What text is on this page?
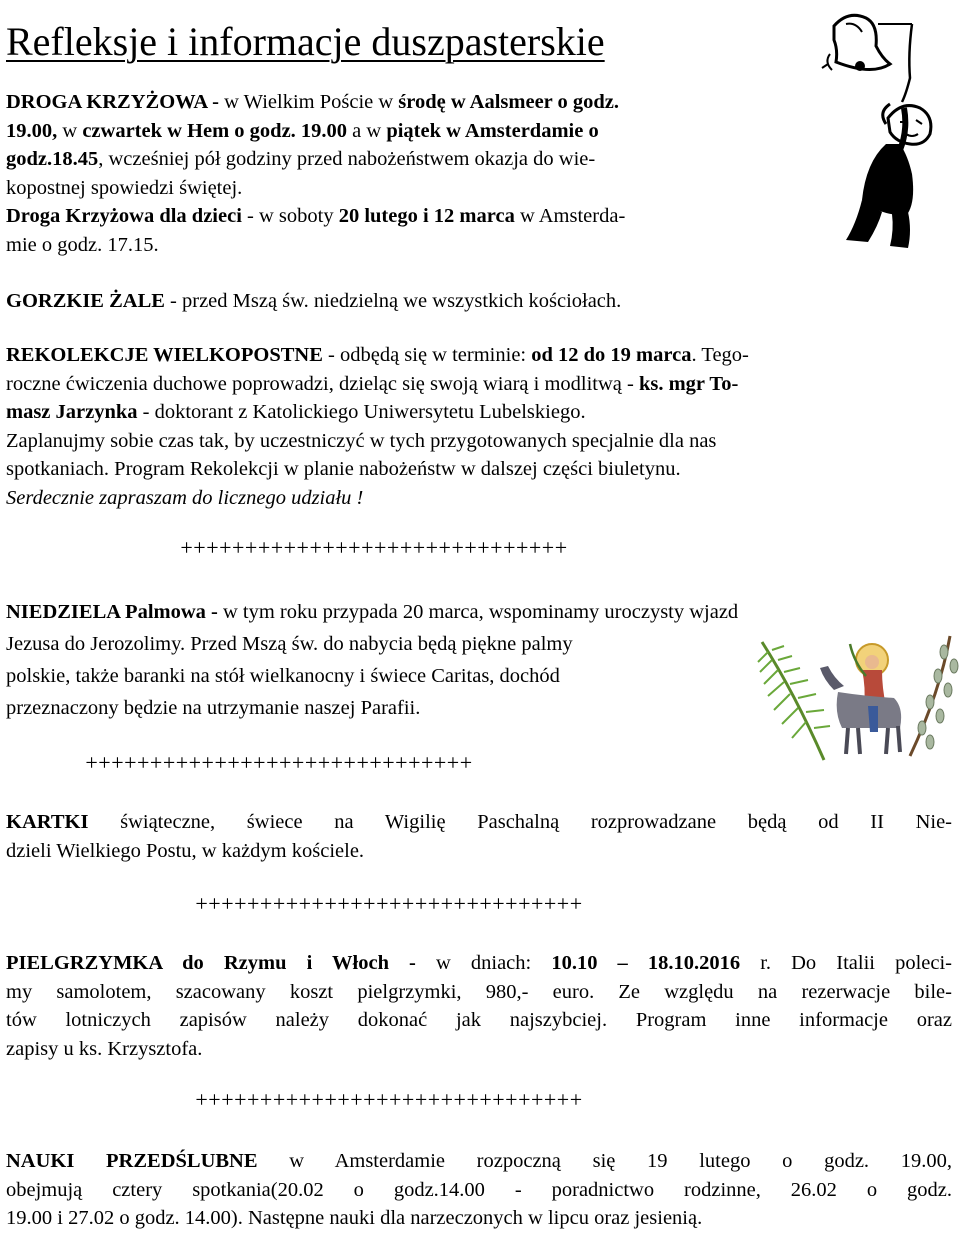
Refleksje i informacje duszpasterskie
DROGA KRZYŻOWA - w Wielkim Poście w środę w Aalsmeer o godz.
19.00, w czwartek w Hem o godz. 19.00 a w piątek w Amsterdamie o
godz.18.45, wcześniej pół godziny przed nabożeństwem okazja do wie-
kopostnej spowiedzi świętej.
Droga Krzyżowa dla dzieci - w soboty 20 lutego i 12 marca w Amsterda-
mie o godz. 17.15.
GORZKIE ŻALE - przed Mszą św. niedzielną we wszystkich kościołach.
REKOLEKCJE WIELKOPOSTNE - odbędą się w terminie: od 12 do 19 marca. Tego-
roczne ćwiczenia duchowe poprowadzi, dzieląc się swoją wiarą i modlitwą - ks. mgr To-
masz Jarzynka - doktorant z Katolickiego Uniwersytetu Lubelskiego.
Zaplanujmy sobie czas tak, by uczestniczyć w tych przygotowanych specjalnie dla nas
spotkaniach. Program Rekolekcji w planie nabożeństw w dalszej części biuletynu.
Serdecznie zapraszam do licznego udziału !
++++++++++++++++++++++++++++++
NIEDZIELA Palmowa - w tym roku przypada 20 marca, wspominamy uroczysty wjazd
Jezusa do Jerozolimy. Przed Mszą św. do nabycia będą piękne palmy
polskie, także baranki na stół wielkanocny i świece Caritas, dochód
przeznaczony będzie na utrzymanie naszej Parafii.
++++++++++++++++++++++++++++++
KARTKI świąteczne, świece na Wigilię Paschalną rozprowadzane będą od II Nie-
dzieli Wielkiego Postu, w każdym kościele.
++++++++++++++++++++++++++++++
PIELGRZYMKA do Rzymu i Włoch - w dniach: 10.10 – 18.10.2016 r. Do Italii poleci-
my samolotem, szacowany koszt pielgrzymki, 980,- euro. Ze względu na rezerwacje bile-
tów lotniczych zapisów należy dokonać jak najszybciej. Program inne informacje oraz
zapisy u ks. Krzysztofa.
++++++++++++++++++++++++++++++
NAUKI PRZEDŚLUBNE w Amsterdamie rozpoczną się 19 lutego o godz. 19.00,
obejmują cztery spotkania(20.02 o godz.14.00 - poradnictwo rodzinne, 26.02 o godz.
19.00 i 27.02 o godz. 14.00). Następne nauki dla narzeczonych w lipcu oraz jesienią.
